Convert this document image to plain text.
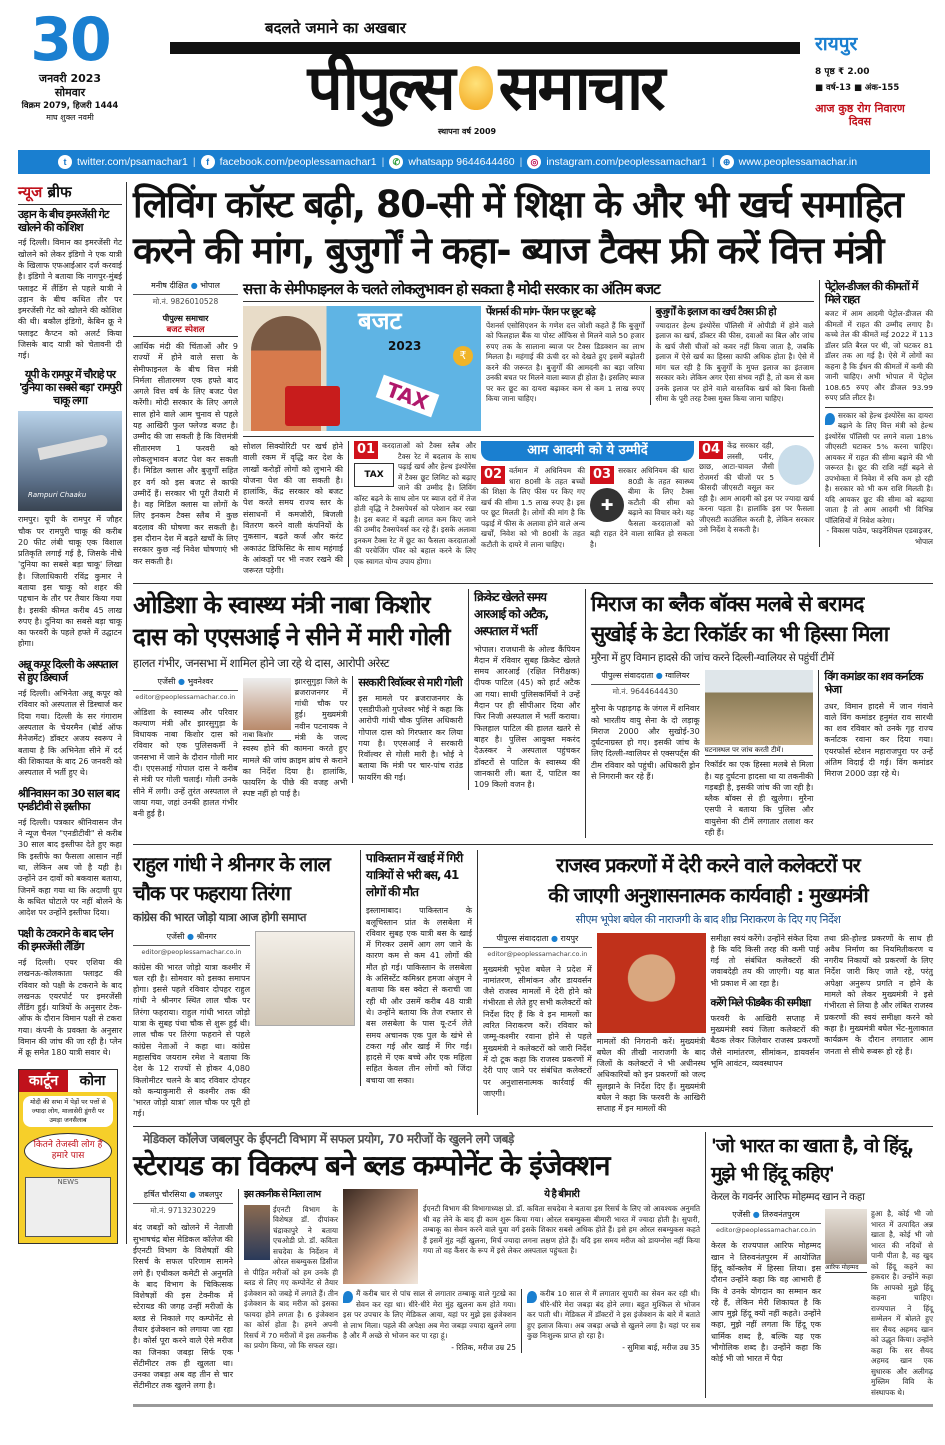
30
जनवरी 2023
सोमवार
विक्रम 2079, हिजरी 1444
माघ शुक्ल नवमी
बदलते जमाने का अखबार
पीपुल्स समाचार
स्थापना वर्ष 2009
रायपुर
8 पृष्ठ ₹ 2.00
■ वर्ष-13 ■ अंक-155
आज कुष्ठ रोग निवारण दिवस
t	twitter.com/psamachar1 |	f	facebook.com/peoplessamachar1 | ✆ whatsapp 9644644460 | ◎ instagram.com/peoplessamachar1 | ⊕ www.peoplessamachar.in
न्यूज ब्रीफ
उड़ान के बीच इमरजेंसी गेट खोलने की कोशिश
नई दिल्ली। विमान का इमरजेंसी गेट खोलने को लेकर इंडिगो ने एक यात्री के खिलाफ एफआईआर दर्ज करवाई है। इंडिगो ने बताया कि नागपुर-मुंबई फ्लाइट में लैंडिंग से पहले यात्री ने उड़ान के बीच कथित तौर पर इमरजेंसी गेट को खोलने की कोशिश की थी। बकौल इंडिगो, केबिन क्रू ने फ्लाइट कैप्टन को अलर्ट किया जिसके बाद यात्री को चेतावनी दी गई।
यूपी के रामपुर में चौराहे पर 'दुनिया का सबसे बड़ा' रामपुरी चाकू लगा
Rampuri Chaaku
रामपुर। यूपी के रामपुर में जौहर चौक पर रामपुरी चाकू की करीब 20 फीट लंबी चाकू एक विशाल प्रतिकृति लगाई गई है, जिसके नीचे 'दुनिया का सबसे बड़ा चाकू' लिखा है। जिलाधिकारी रविंद्र कुमार ने बताया इस चाकू को शहर की पहचान के तौर पर तैयार किया गया है। इसकी कीमत करीब 45 लाख रुपए है। दुनिया का सबसे बड़ा चाकू का फरवरी के पहले हफ्ते में उद्घाटन होगा।
अन्नू कपूर दिल्ली के अस्पताल से हुए डिस्चार्ज
नई दिल्ली। अभिनेता अन्नू कपूर को रविवार को अस्पताल से डिस्चार्ज कर दिया गया। दिल्ली के सर गंगाराम अस्पताल के चेयरमैन (बोर्ड ऑफ मैनेजमेंट) डॉक्टर अजय स्वरूप ने बताया है कि अभिनेता सीने में दर्द की शिकायत के बाद 26 जनवरी को अस्पताल में भर्ती हुए थे।
श्रीनिवासन का 30 साल बाद एनडीटीवी से इस्तीफा
नई दिल्ली। पत्रकार श्रीनिवासन जैन ने न्यूज चैनल "एनडीटीवी" से करीब 30 साल बाद इस्तीफा देते हुए कहा कि इस्तीफे का फैसला आसान नहीं था, लेकिन अब जो है यही है। उन्होंने उन दावों को बकवास बताया, जिनमें कहा गया था कि अदाणी ग्रुप के कथित घोटाले पर नहीं बोलने के आदेश पर उन्होंने इस्तीफा दिया।
पक्षी के टकराने के बाद प्लेन की इमरजेंसी लैंडिंग
नई दिल्ली। एयर एशिया की लखनऊ-कोलकाता फ्लाइट की रविवार को पक्षी के टकराने के बाद लखनऊ एयरपोर्ट पर इमरजेंसी लैंडिंग हुई। यात्रियों के अनुसार टेक-ऑफ के दौरान विमान पक्षी से टकरा गया। कंपनी के प्रवक्ता के अनुसार विमान की जांच की जा रही है। प्लेन में क्रू समेत 180 यात्री सवार थे।
कार्टून	कोना
मोदी की सभा में पेड़ों पर पत्तों से ज्यादा लोग, मालासेरी डूंगरी पर उमड़ा जनसैलाब
कितने तेजस्वी लोग हैं हमारे पास
NEWS
लिविंग कॉस्ट बढ़ी, 80-सी में शिक्षा के और भी खर्च समाहित
करने की मांग, बुजुर्गों ने कहा- ब्याज टैक्स फ्री करें वित्त मंत्री
मनीष दीक्षित ● भोपाल
मो.नं. 9826010528
पीपुल्स समाचार
बजट स्पेशल
आर्थिक मंदी की चिंताओं और 9 राज्यों में होने वाले सत्ता के सेमीफाइनल के बीच वित्त मंत्री निर्मला सीतारमण एक हफ्ते बाद अगले वित्त वर्ष के लिए बजट पेश करेंगी। मोदी सरकार के लिए अगले साल होने वाले आम चुनाव से पहले यह आखिरी फुल फ्लेज्ड बजट है। उम्मीद की जा सकती है कि वित्तमंत्री सीतारमण 1 फरवरी को लोकलुभावन बजट पेश कर सकती हैं। मिडिल क्लास और बुजुर्गों सहित हर वर्ग को इस बजट से काफी उम्मीदें हैं। सरकार भी पूरी तैयारी में है। वह मिडिल क्लास या लोगों के लिए इनकम टैक्स स्लैब में कुछ बदलाव की घोषणा कर सकती है। इस दौरान देश में बढ़ते खर्चों के लिए सरकार कुछ नई निवेश घोषणाएं भी कर सकती है।
सत्ता के सेमीफाइनल के चलते लोकलुभावन हो सकता है मोदी सरकार का अंतिम बजट
बजट
2023
₹
TAX
पेंशनर्स की मांग- पेंशन पर छूट बढ़े
पेंशनर्स एसोसिएशन के गणेश दत्त जोशी कहते हैं कि बुजुर्गों को फिलहाल बैंक या पोस्ट ऑफिस से मिलने वाले 50 हजार रुपए तक के सालाना ब्याज पर टैक्स डिडक्शन का लाभ मिलता है। महंगाई की ऊंची दर को देखते हुए इसमें बढ़ोतरी करने की जरूरत है। बुजुर्गों की आमदनी का बड़ा जरिया उनकी बचत पर मिलने वाला ब्याज ही होता है। इसलिए ब्याज पर कर छूट का दायरा बढ़ाकर कम से कम 1 लाख रुपए किया जाना चाहिए।
बुजुर्गों के इलाज का खर्च टैक्स फ्री हो
ज्यादातर हेल्थ इंश्योरेंस पॉलिसी में ओपीडी में होने वाले इलाज का खर्च, डॉक्टर की फीस, दवाओं का बिल और जांच के खर्च जैसी चीजों को कवर नहीं किया जाता है, जबकि इलाज में ऐसे खर्च का हिस्सा काफी अधिक होता है। ऐसे में मांग चल रही है कि बुजुर्गों के मुफ्त इलाज का इंतजाम सरकार करे। लेकिन अगर ऐसा संभव नहीं है, तो कम से कम उनके इलाज पर होने वाले वास्तविक खर्च को बिना किसी सीमा के पूरी तरह टैक्स मुक्त किया जाना चाहिए।
सोशल सिक्योरिटी पर खर्च होने वाली रकम में वृद्धि कर देश के लाखों करोड़ों लोगों को लुभाने की योजना पेश की जा सकती है। हालांकि, केंद्र सरकार को बजट पेश करते समय राज्य स्तर के संसाधनों में कमजोरी, बिजली वितरण करने वाली कंपनियों के नुकसान, बढ़ते कर्ज और करंट अकाउंट डिफिसिट के साथ महंगाई के आंकड़ों पर भी नजर रखने की जरूरत पड़ेगी।
01
TAX
करदाताओं को टैक्स स्लैब और टैक्स रेट में बदलाव के साथ पढ़ाई खर्च और हेल्थ इंश्योरेंस में टैक्स छूट लिमिट को बढ़ाए जाने की उम्मीद है। लिविंग कॉस्ट बढ़ने के साथ लोन पर ब्याज दरों में तेज होती वृद्धि ने टैक्सपेयर्स को परेशान कर रखा है। इस बजट में बढ़ती लागत कम किए जाने की उम्मीद टैक्सपेयर्स कर रहे हैं। इसके अलावा इनकम टैक्स रेट में छूट का फैसला करदाताओं की परचेजिंग पॉवर को बहाल करने के लिए एक स्वागत योग्य उपाय होगा।
आम आदमी को ये उम्मीदें
02 वर्तमान में अधिनियम की धारा 80सी के तहत बच्चों की शिक्षा के लिए फीस पर किए गए खर्च की सीमा 1.5 लाख रुपए है। इस पर छूट मिलती है। लोगों की मांग है कि पढ़ाई में फीस के अलावा होने वाले अन्य खर्चों, निवेश को भी 80सी के तहत कटौती के दायरे में लाना चाहिए।
03
✚
सरकार अधिनियम की धारा 80डी के तहत स्वास्थ्य बीमा के लिए टैक्स कटौती की सीमा को बढ़ाने का विचार करे। यह फैसला करदाताओं को बड़ी राहत देने वाला साबित हो सकता है।
04 केंद्र सरकार दही, लस्सी, पनीर, छाछ, आटा-चावल जैसी रोजमर्रा की चीजों पर 5 फीसदी जीएसटी वसूल कर रही है। आम आदमी को इस पर ज्यादा खर्च करना पड़ता है। हालांकि इस पर फैसला जीएसटी काउंसिल करती है, लेकिन सरकार उसे निर्देश दे सकती है।
पेट्रोल-डीजल की कीमतों में मिले राहत
बजट में आम आदमी पेट्रोल-डीजल की कीमतों में राहत की उम्मीद लगाए है। कच्चे तेल की कीमतें मई 2022 में 113 डॉलर प्रति बैरल पर थी, जो घटकर 81 डॉलर तक आ गई है। ऐसे में लोगों का कहना है कि ईंधन की कीमतों में कमी की जानी चाहिए। अभी भोपाल में पेट्रोल 108.65 रुपए और डीजल 93.99 रुपए प्रति लीटर है।
सरकार को हेल्थ इंश्योरेंस का दायरा बढ़ाने के लिए वित्त मंत्री को हेल्थ इंश्योरेंस पॉलिसी पर लगने वाला 18% जीएसटी घटाकर 5% करना चाहिए। आयकर में राहत की सीमा बढ़ाने की भी जरूरत है। छूट की राशि नहीं बढ़ने से उपभोक्ता में निवेश में रुचि कम हो रही है। सरकार को भी कम राशि मिलती है। यदि आयकर छूट की सीमा को बढ़ाया जाता है तो आम आदमी भी विभिन्न पॉलिसियों में निवेश करेगा।
- विकास पाठेय, फाइनेंशियल एडवाइजर, भोपाल
ओडिशा के स्वास्थ्य मंत्री नाबा किशोर दास को एएसआई ने सीने में मारी गोली
हालत गंभीर, जनसभा में शामिल होने जा रहे थे दास, आरोपी अरेस्ट
एजेंसी ● भुवनेश्वर
editor@peoplessamachar.co.in
ओडिशा के स्वास्थ्य और परिवार कल्याण मंत्री और झारसुगुड़ा के विधायक नाबा किशोर दास को रविवार को एक पुलिसकर्मी ने जनसभा में जाने के दौरान गोली मार दी। एएसआई गोपाल दास ने करीब से मंत्री पर गोली चलाई। गोली उनके सीने में लगी। उन्हें तुरंत अस्पताल ले जाया गया, जहां उनकी हालत गंभीर बनी हुई है।
नाबा किशोर
झारसुगुड़ा जिले के ब्रजराजनगर में गांधी चौक पर हुई। मुख्यमंत्री नवीन पटनायक ने मंत्री के जल्द स्वस्थ होने की कामना करते हुए मामले की जांच क्राइम ब्रांच से कराने का निर्देश दिया है। हालांकि, फायरिंग के पीछे की वजह अभी स्पष्ट नहीं हो पाई है।
सरकारी रिवॉल्वर से मारी गोली
इस मामले पर ब्रजराजनगर के एसडीपीओ गुप्तेश्वर भोई ने कहा कि आरोपी गांधी चौक पुलिस अधिकारी गोपाल दास को गिरफ्तार कर लिया गया है। एएसआई ने सरकारी रिवॉल्वर से गोली मारी है। भोई ने बताया कि मंत्री पर चार-पांच राउंड फायरिंग की गई।
क्रिकेट खेलते समय आरआई को अटैक, अस्पताल में भर्ती
भोपाल। राजधानी के ओल्ड कैंपियन मैदान में रविवार सुबह क्रिकेट खेलते समय आरआई (रक्षित निरीक्षक) दीपक पाटिल (45) को हार्ट अटैक आ गया। साथी पुलिसकर्मियों ने उन्हें मैदान पर ही सीपीआर दिया और फिर निजी अस्पताल में भर्ती कराया। फिलहाल पाटिल की हालत खतरे से बाहर है। पुलिस आयुक्त मकरंद देऊस्कर ने अस्पताल पहुंचकर डॉक्टरों से पाटिल के स्वास्थ्य की जानकारी ली। बता दें, पाटिल का 109 किलो वजन है।
मिराज का ब्लैक बॉक्स मलबे से बरामद
सुखोई के डेटा रिकॉर्डर का भी हिस्सा मिला
मुरैना में हुए विमान हादसे की जांच करने दिल्ली-ग्वालियर से पहुंचीं टीमें
पीपुल्स संवाददाता ● ग्वालियर
मो.नं. 9644644430
मुरैना के पहाड़गढ़ के जंगल में शनिवार को भारतीय वायु सेना के दो लड़ाकू मिराज 2000 और सुखोई-30 दुर्घटनाग्रस्त हो गए। इसकी जांच के लिए दिल्ली-ग्वालियर से एक्सपर्ट्स की टीम रविवार को पहुंची। अधिकारी ड्रोन से निगरानी कर रहे हैं।
घटनास्थल पर जांच करती टीमें।
रिकॉर्डर का एक हिस्सा मलबे से मिला है। यह दुर्घटना हादसा था या तकनीकी गड़बड़ी है, इसकी जांच की जा रही है। ब्लैक बॉक्स से ही खुलेगा। मुरैना एसपी ने बताया कि पुलिस और वायुसेना की टीमें लगातार तलाश कर रही हैं।
विंग कमांडर का शव कर्नाटक भेजा
उधर, विमान हादसे में जान गंवाने वाले विंग कमांडर हनुमंत राव सारथी का शव रविवार को उनके गृह राज्य कर्नाटक रवाना कर दिया गया। एयरफोर्स स्टेशन महाराजपुरा पर उन्हें अंतिम विदाई दी गई। विंग कमांडर मिराज 2000 उड़ा रहे थे।
राहुल गांधी ने श्रीनगर के लाल चौक पर फहराया तिरंगा
कांग्रेस की भारत जोड़ो यात्रा आज होगी समाप्त
एजेंसी ● श्रीनगर
editor@peoplessamachar.co.in
कांग्रेस की भारत जोड़ो यात्रा कश्मीर में चल रही है। सोमवार को इसका समापन होगा। इससे पहले रविवार दोपहर राहुल गांधी ने श्रीनगर स्थित लाल चौक पर तिरंगा फहराया। राहुल गांधी भारत जोड़ो यात्रा के सुबह पंथा चौक से शुरू हुई थी। लाल चौक पर तिरंगा फहराने से पहले कांग्रेस नेताओं ने कहा था। कांग्रेस महासचिव जयराम रमेश ने बताया कि देश के 12 राज्यों से होकर 4,080 किलोमीटर चलने के बाद रविवार दोपहर को कन्याकुमारी से कश्मीर तक की 'भारत जोड़ो यात्रा' लाल चौक पर पूरी हो गई।
पाकिस्तान में खाई में गिरी यात्रियों से भरी बस, 41 लोगों की मौत
इस्लामाबाद। पाकिस्तान के बलूचिस्तान प्रांत के लसबेला में रविवार सुबह एक यात्री बस के खाई में गिरकर उसमें आग लग जाने के कारण कम से कम 41 लोगों की मौत हो गई। पाकिस्तान के लसबेला के असिस्टेंट कमिश्नर हमजा अंजुम ने बताया कि बस क्वेटा से कराची जा रही थी और उसमें करीब 48 यात्री थे। उन्होंने बताया कि तेज रफ्तार से बस लसबेला के पास यू-टर्न लेते समय अचानक एक पुल के खंभे से टकरा गई और खाई में गिर गई। हादसे में एक बच्चे और एक महिला सहित केवल तीन लोगों को जिंदा बचाया जा सका।
राजस्व प्रकरणों में देरी करने वाले कलेक्टरों पर
की जाएगी अनुशासनात्मक कार्यवाही : मुख्यमंत्री
सीएम भूपेश बघेल की नाराजगी के बाद शीघ्र निराकरण के दिए गए निर्देश
पीपुल्स संवाददाता ● रायपुर
editor@peoplessamachar.co.in
मुख्यमंत्री भूपेश बघेल ने प्रदेश में नामांतरण, सीमांकन और डायवर्सन जैसे राजस्व मामलों में देरी होने को गंभीरता से लेते हुए सभी कलेक्टरों को निर्देश दिए हैं कि वे इन मामलों का त्वरित निराकरण करें। रविवार को जम्मू-कश्मीर रवाना होने से पहले मुख्यमंत्री ने कलेक्टरों को जारी निर्देश में दो टूक कहा कि राजस्व प्रकरणों में देरी पाए जाने पर संबंधित कलेक्टरों पर अनुशासनात्मक कार्रवाई की जाएगी।
मामलों की निगरानी करें। मुख्यमंत्री बघेल की तीखी नाराजगी के बाद जिलों के कलेक्टरों ने भी अधीनस्थ अधिकारियों को इन प्रकरणों को जल्द सुलझाने के निर्देश दिए हैं। मुख्यमंत्री बघेल ने कहा कि फरवरी के आखिरी सप्ताह में इन मामलों की
समीक्षा स्वयं करेंगे। उन्होंने संकेत दिया है कि यदि किसी तरह की कमी पाई गई तो संबंधित कलेक्टरों की जवाबदेही तय की जाएगी। यह बात भी प्रकाश में आ रहा है।
करेंगे मिले फीडबैक की समीक्षा
फरवरी के आखिरी सप्ताह में मुख्यमंत्री स्वयं जिला कलेक्टरों की बैठक लेकर जिलेवार राजस्व प्रकरणों जैसे नामांतरण, सीमांकन, डायवर्सन भूमि आवंटन, व्यवस्थापन
तथा फ्री-होल्ड प्रकरणों के साथ ही अवैध निर्माण का नियमितीकरण य नगरीय निकायों को प्रकरणों के लिए निर्देश जारी किए जाते रहे, परंतु अपेक्षा अनुरूप प्रगति न होने के मामले को लेकर मुख्यमंत्री ने इसे गंभीरता से लिया है और लंबित राजस्व प्रकरणों की स्वयं समीक्षा करने को कहा है। मुख्यमंत्री बघेल भेंट-मुलाकात कार्यक्रम के दौरान लगातार आम जनता से सीधे रूबरू हो रहे हैं।
मेडिकल कॉलेज जबलपुर के ईएनटी विभाग में सफल प्रयोग, 70 मरीजों के खुलने लगे जबड़े
स्टेरायड का विकल्प बने ब्लड कम्पोनेंट के इंजेक्शन
हर्षित चौरसिया ● जबलपुर
मो.नं. 9713230229
बंद जबड़ों को खोलने में नेताजी सुभाषचंद्र बोस मेडिकल कॉलेज की ईएनटी विभाग के विशेषज्ञों की रिसर्च के सफल परिणाम सामने लगे हैं। एथीकल कमेटी से अनुमति के बाद विभाग के चिकित्सक विशेषज्ञों की इस टेक्नीक में स्टेरायड की जगह उन्हीं मरीजों के ब्लड से निकाले गए कम्पोनेंट से तैयार इंजेक्शन को लगाया जा रहा है। कोर्स पूरा करने वाले ऐसे मरीज का जिनका जबड़ा सिर्फ एक सेंटीमीटर तक ही खुलता था। उनका जबड़ा अब वह तीन से चार सेंटीमीटर तक खुलने लगा है।
इस तकनीक से मिला लाभ
ईएनटी विभाग के विशेषज्ञ डॉ. दीपांकर चंद्राकापुरे ने बताया एचओडी प्रो. डॉ. कविता सचदेवा के निर्देशन में ओरल सबम्युकस डिसीज से पीड़ित मरीजों को हम उनके ही ब्लड से लिए गए कम्पोनेंट से तैयार इंजेक्शन को जबड़े में लगाते हैं। तीन इंजेक्शन के बाद मरीज को इसका फायदा होने लगता है। 6 इंजेक्शन का कोर्स होता है। हमने अपनी रिसर्च में 70 मरीजों में इस तकनीक का प्रयोग किया, जो कि सफल रहा।
ये है बीमारी
ईएनटी विभाग की विभागाध्यक्ष प्रो. डॉ. कविता सचदेवा ने बताया इस रिसर्च के लिए जो आवश्यक अनुमति थी वह लेने के बाद ही काम शुरू किया गया। ओरल सबम्युकस बीमारी भारत में ज्यादा होती है। सुपारी, तम्बाकू का सेवन करने वाले युवा वर्ग इसके शिकार सबसे अधिक होते हैं। इसे हम ओरल सबम्युकस कहते हैं इसमें मुंह नहीं खुलना, मिर्च ज्यादा लगना लक्षण होते हैं। यदि इस समय मरीज को डायग्नोस नहीं किया गया तो वह कैंसर के रूप में इसे लेकर अस्पताल पहुंचता है।
मैं करीब चार से पांच साल से लगातार तम्बाकू वाले गुटखे का सेवन कर रहा था। धीरे-धीरे मेरा मुंह खुलना कम होते गया। इस पर उपचार के लिए मेडिकल आया, यहां पर मुझे इस इंजेक्शन से लाभ मिला। पहले की अपेक्षा अब मेरा जबड़ा ज्यादा खुलने लगा है और मैं अच्छे से भोजन कर पा रहा हूं।
- रितिक, मरीज उम्र 25
करीब 10 साल से मैं लगातार सुपारी का सेवन कर रही थी। धीरे-धीरे मेरा जबड़ा बंद होने लगा। बहुत मुश्किल से भोजन कर पाती थी। मेडिकल में डॉक्टरों ने इस इंजेक्शन के बारे में बताते हुए इलाज किया। अब जबड़ा अच्छे से खुलने लगा है। यहां पर सब कुछ निःशुल्क प्राप्त हो रहा है।
- सुमित्रा बाई, मरीज उम्र 35
'जो भारत का खाता है, वो हिंदू, मुझे भी हिंदू कहिए'
केरल के गवर्नर आरिफ मोहम्मद खान ने कहा
एजेंसी ● तिरुवनंतपुरम
editor@peoplessamachar.co.in
केरल के राज्यपाल आरिफ मोहम्मद खान ने तिरुवनंतपुरम में आयोजित हिंदू कॉन्क्लेव में हिस्सा लिया। इस दौरान उन्होंने कहा कि वह आभारी हैं कि वे उनके योगदान का सम्मान कर रहे हैं, लेकिन मेरी शिकायत है कि आप मुझे हिंदू क्यों नहीं कहते। उन्होंने कहा, मुझे नहीं लगता कि हिंदू एक धार्मिक शब्द है, बल्कि यह एक भौगोलिक शब्द है। उन्होंने कहा कि कोई भी जो भारत में पैदा
आरिफ मोहम्मद
हुआ है, कोई भी जो भारत में उत्पादित अन्न खाता है, कोई भी जो भारत की नदियों से पानी पीता है, वह खुद को हिंदू कहने का हकदार है। उन्होंने कहा कि आपको मुझे हिंदू कहना चाहिए। राज्यपाल ने हिंदू सम्मेलन में बोलते हुए सर सैयद अहमद खान को उद्धृत किया। उन्होंने कहा कि सर सैयद अहमद खान एक सुधारक और अलीगढ़ मुस्लिम विवि के संस्थापक थे।
